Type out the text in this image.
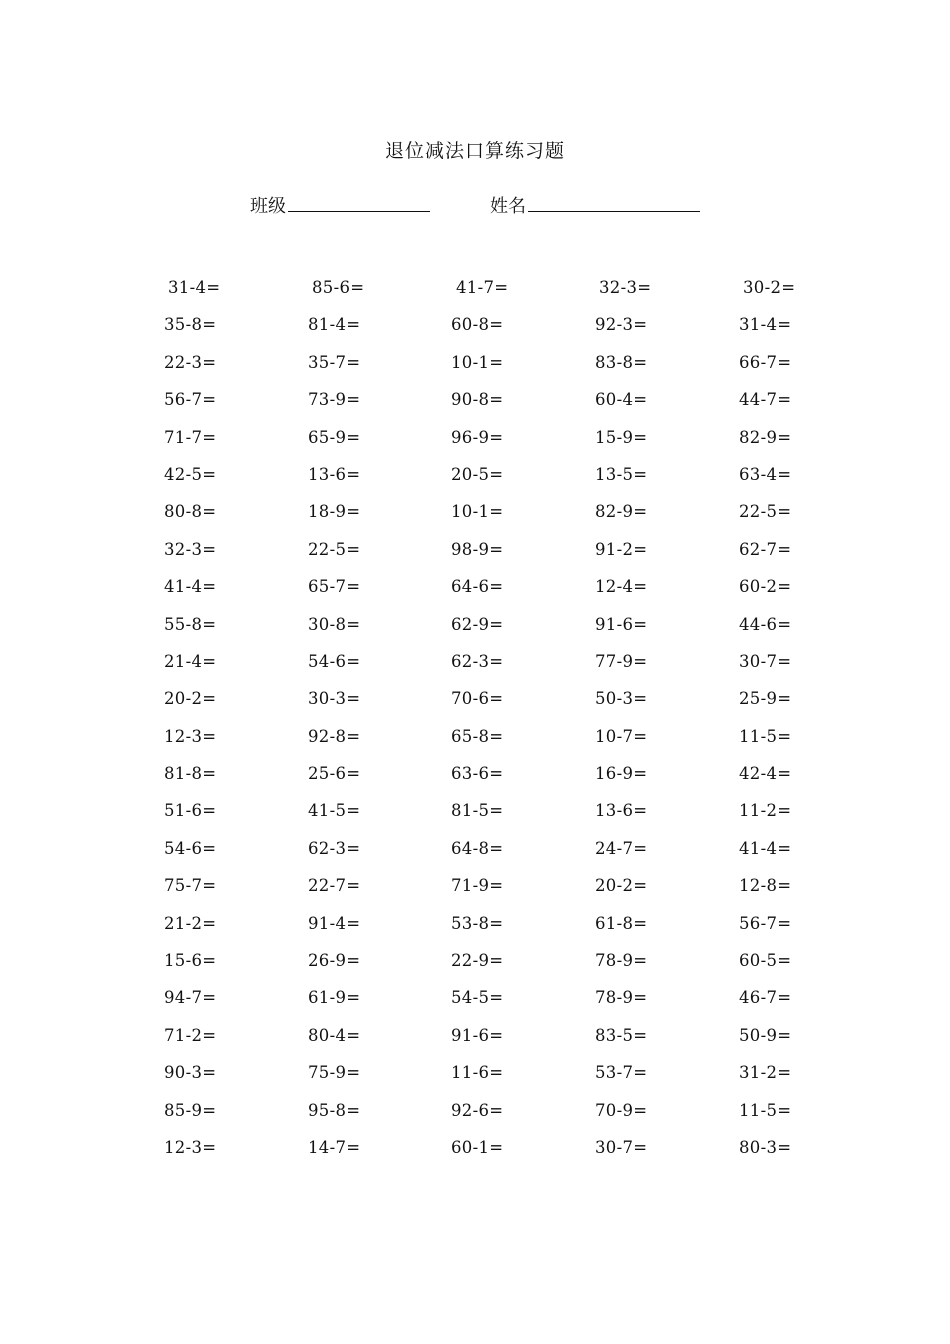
退位减法口算练习题
班级	姓名
31-4=	85-6=	41-7=	32-3=	30-2=
35-8=	81-4=	60-8=	92-3=	31-4=
22-3=	35-7=	10-1=	83-8=	66-7=
56-7=	73-9=	90-8=	60-4=	44-7=
71-7=	65-9=	96-9=	15-9=	82-9=
42-5=	13-6=	20-5=	13-5=	63-4=
80-8=	18-9=	10-1=	82-9=	22-5=
32-3=	22-5=	98-9=	91-2=	62-7=
41-4=	65-7=	64-6=	12-4=	60-2=
55-8=	30-8=	62-9=	91-6=	44-6=
21-4=	54-6=	62-3=	77-9=	30-7=
20-2=	30-3=	70-6=	50-3=	25-9=
12-3=	92-8=	65-8=	10-7=	11-5=
81-8=	25-6=	63-6=	16-9=	42-4=
51-6=	41-5=	81-5=	13-6=	11-2=
54-6=	62-3=	64-8=	24-7=	41-4=
75-7=	22-7=	71-9=	20-2=	12-8=
21-2=	91-4=	53-8=	61-8=	56-7=
15-6=	26-9=	22-9=	78-9=	60-5=
94-7=	61-9=	54-5=	78-9=	46-7=
71-2=	80-4=	91-6=	83-5=	50-9=
90-3=	75-9=	11-6=	53-7=	31-2=
85-9=	95-8=	92-6=	70-9=	11-5=
12-3=	14-7=	60-1=	30-7=	80-3=
